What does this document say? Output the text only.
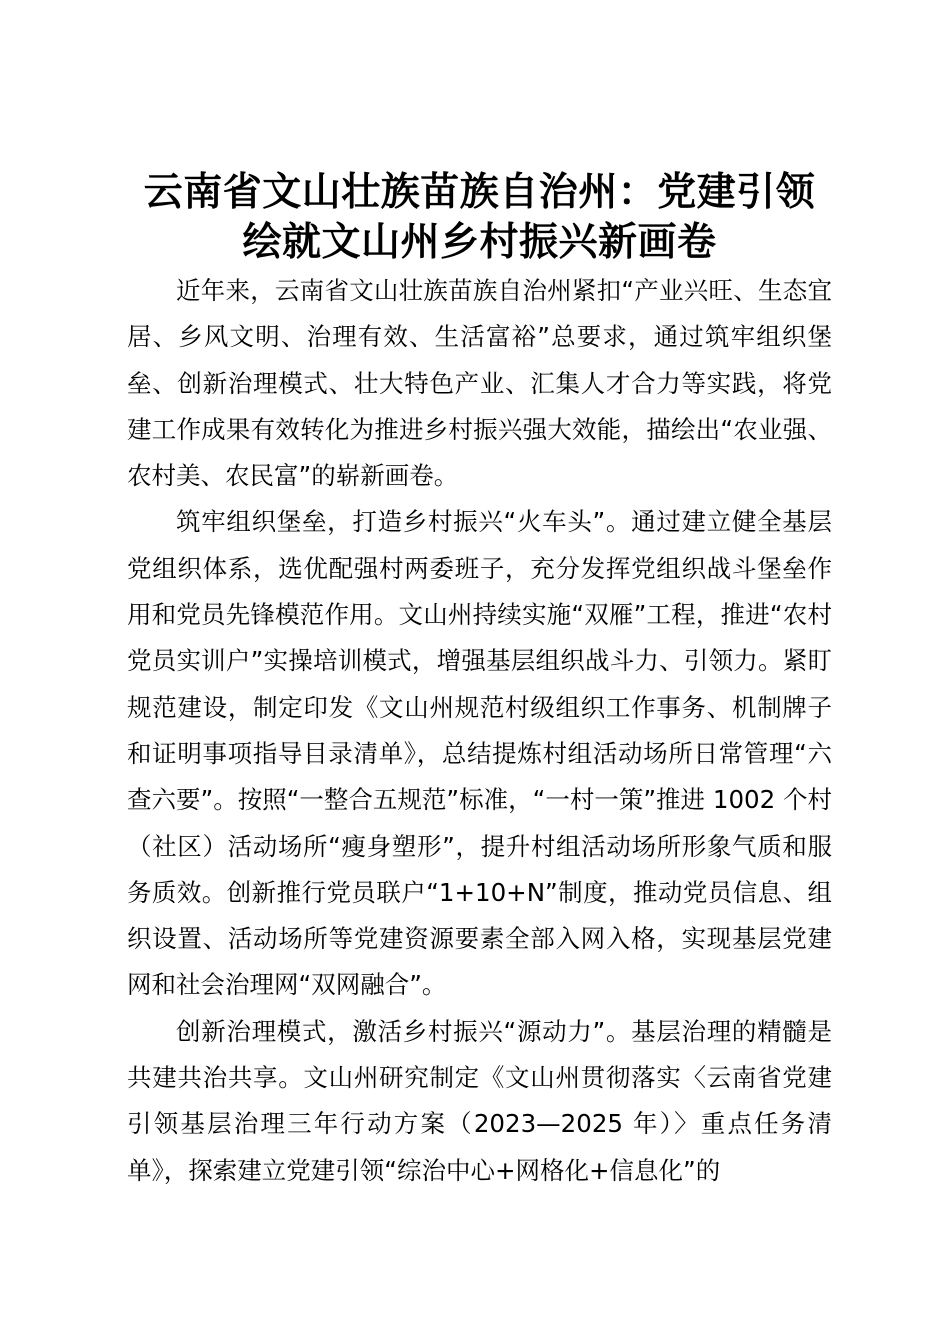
云南省文山壮族苗族自治州：党建引领
绘就文山州乡村振兴新画卷

近年来，云南省文山壮族苗族自治州紧扣“产业兴旺、生态宜居、乡风文明、治理有效、生活富裕”总要求，通过筑牢组织堡垒、创新治理模式、壮大特色产业、汇集人才合力等实践，将党建工作成果有效转化为推进乡村振兴强大效能，描绘出“农业强、农村美、农民富”的崭新画卷。

筑牢组织堡垒，打造乡村振兴“火车头”。通过建立健全基层党组织体系，选优配强村两委班子，充分发挥党组织战斗堡垒作用和党员先锋模范作用。文山州持续实施“双雁”工程，推进“农村党员实训户”实操培训模式，增强基层组织战斗力、引领力。紧盯规范建设，制定印发《文山州规范村级组织工作事务、机制牌子和证明事项指导目录清单》，总结提炼村组活动场所日常管理“六查六要”。按照“一整合五规范”标准，“一村一策”推进 1002 个村（社区）活动场所“瘦身塑形”，提升村组活动场所形象气质和服务质效。创新推行党员联户“1+10+N”制度，推动党员信息、组织设置、活动场所等党建资源要素全部入网入格，实现基层党建网和社会治理网“双网融合”。

创新治理模式，激活乡村振兴“源动力”。基层治理的精髓是共建共治共享。文山州研究制定《文山州贯彻落实〈云南省党建引领基层治理三年行动方案（2023—2025 年）〉重点任务清单》，探索建立党建引领“综治中心+网格化+信息化”的
